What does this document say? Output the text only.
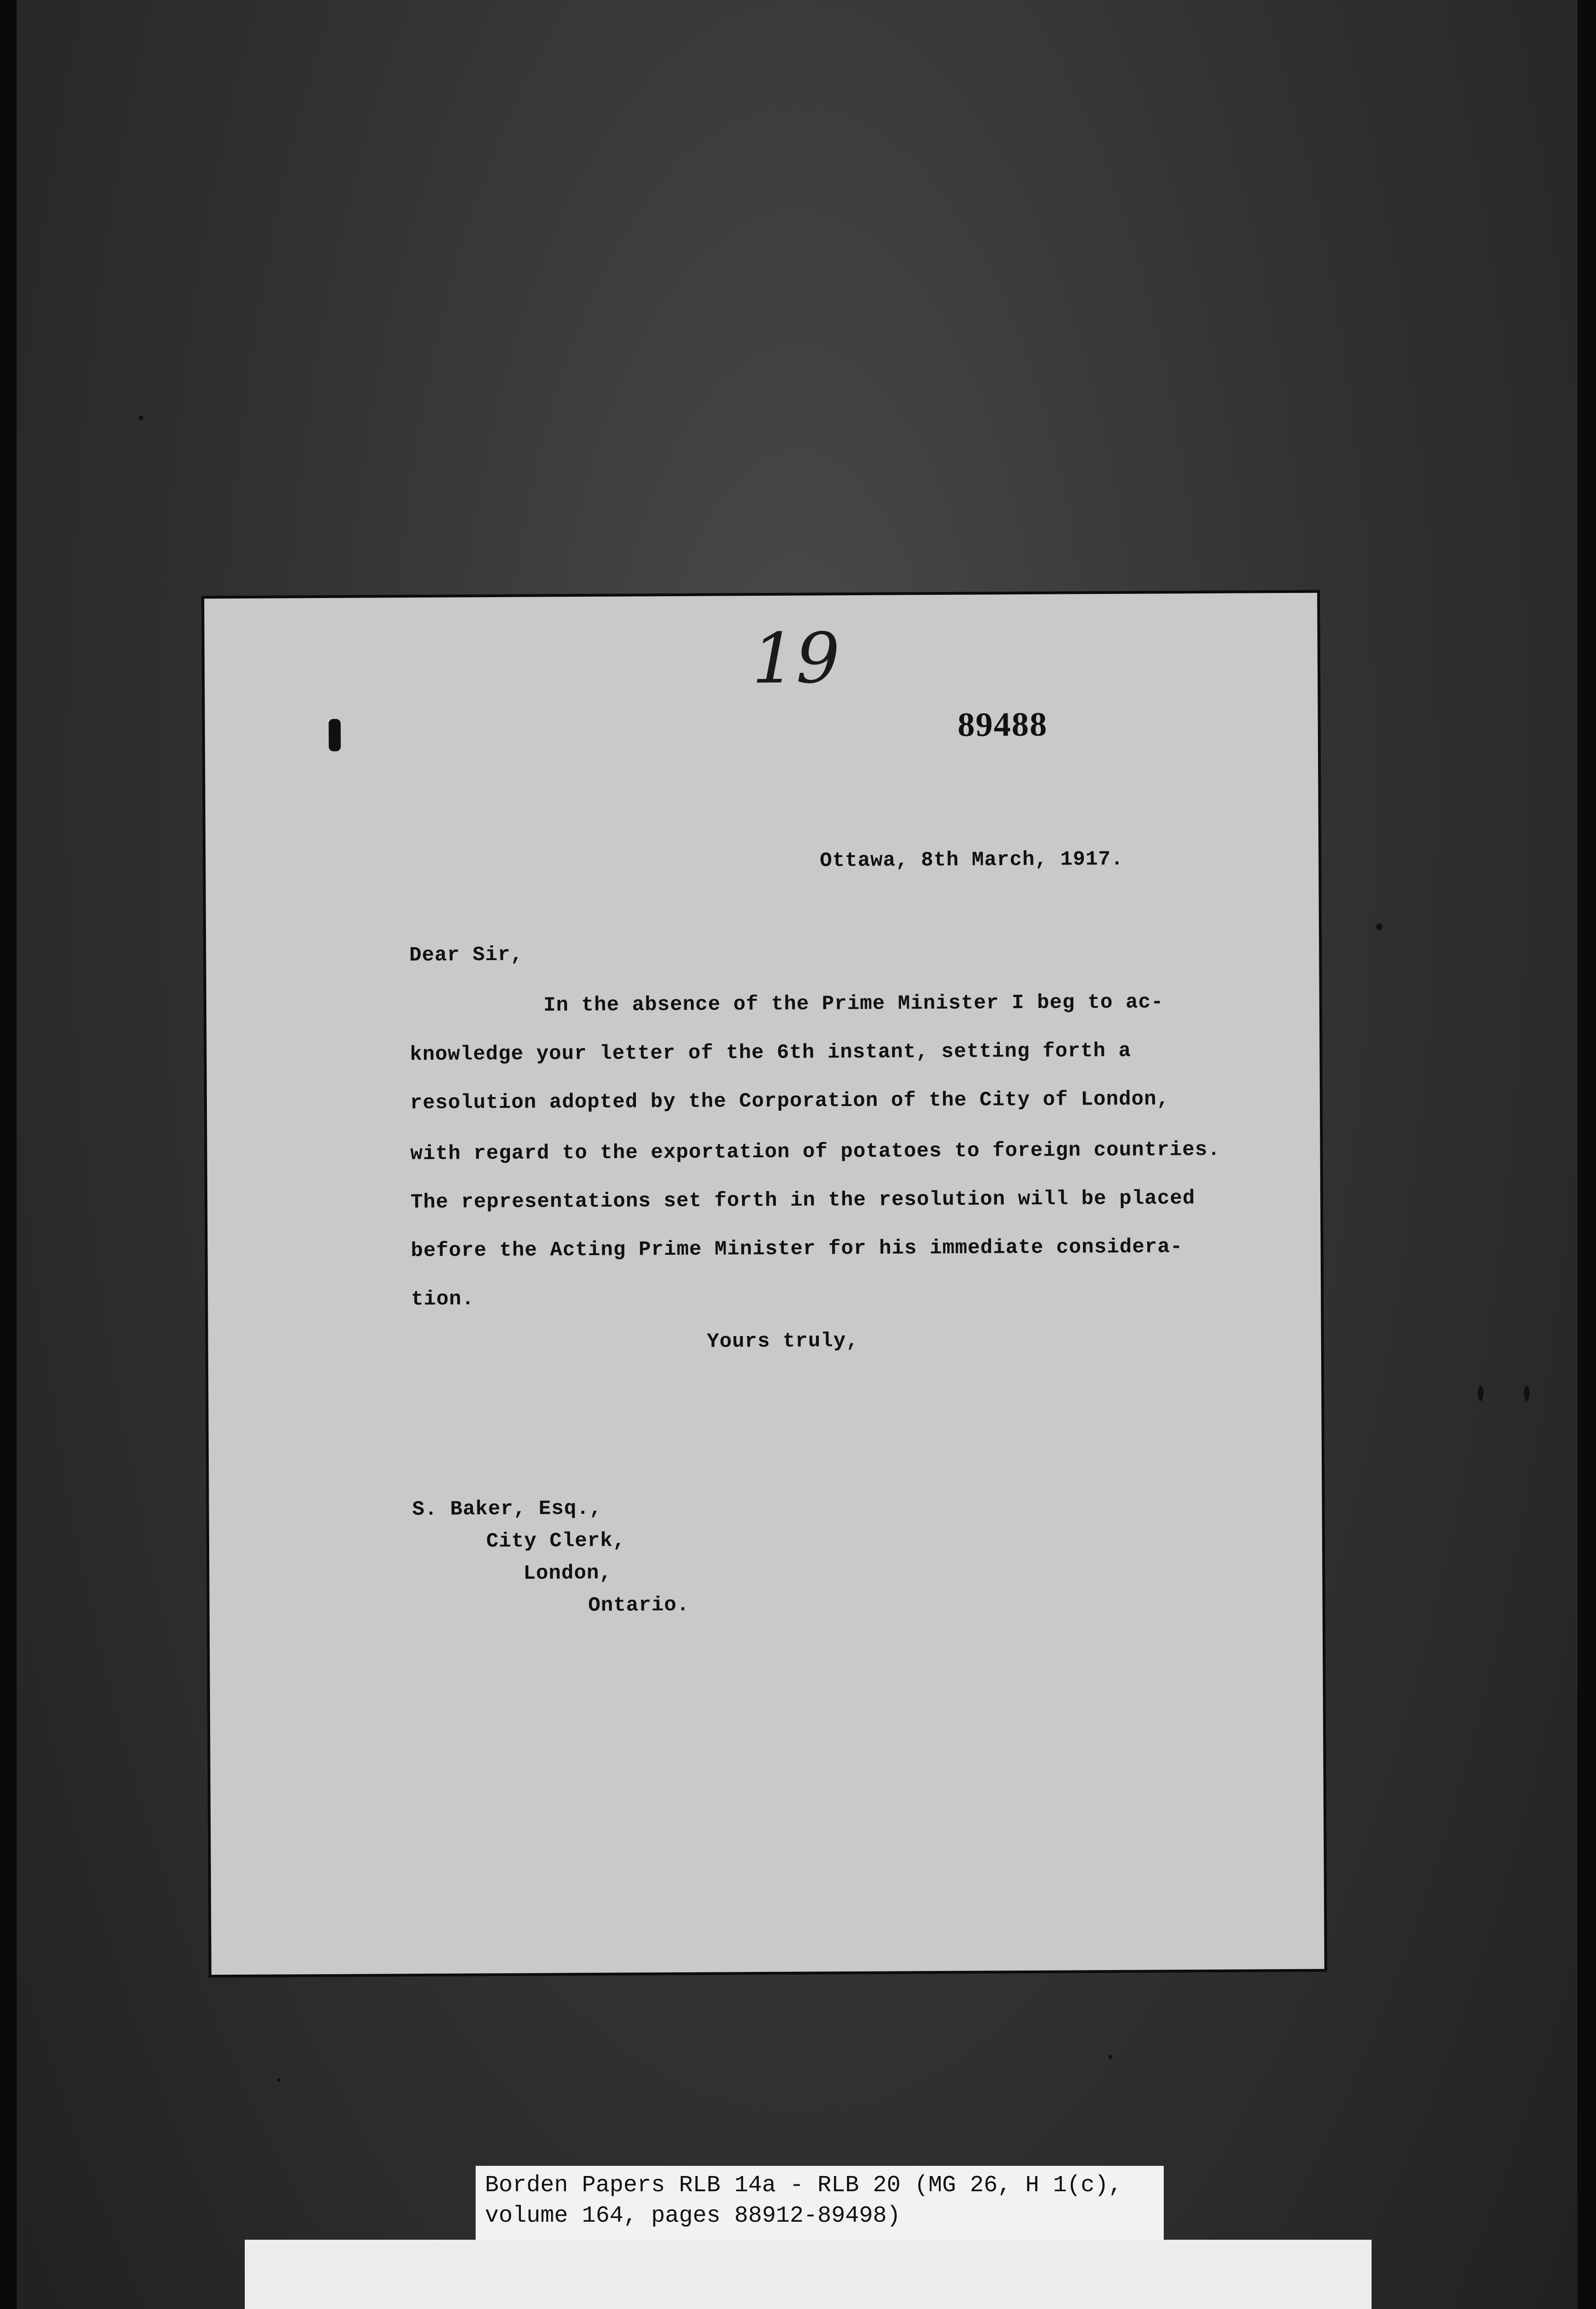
19
89488
Ottawa, 8th March, 1917.
Dear Sir,
In the absence of the Prime Minister I beg to ac-
knowledge your letter of the 6th instant, setting forth a
resolution adopted by the Corporation of the City of London,
with regard to the exportation of potatoes to foreign countries.
The representations set forth in the resolution will be placed
before the Acting Prime Minister for his immediate considera-
tion.
Yours truly,
S. Baker, Esq.,
City Clerk,
London,
Ontario.
Borden Papers RLB 14a - RLB 20 (MG 26, H 1(c),
volume 164, pages 88912-89498)
